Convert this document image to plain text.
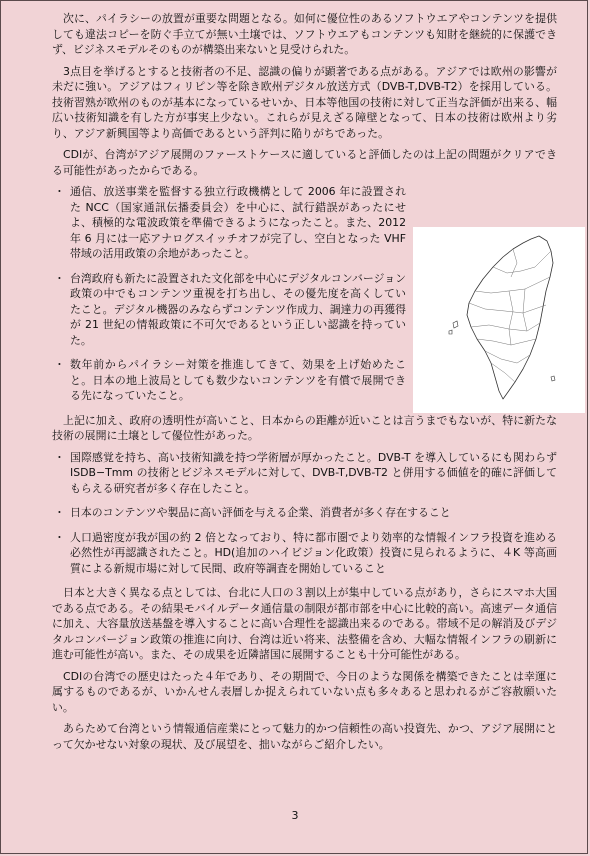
次に、パイラシーの放置が重要な問題となる。如何に優位性のあるソフトウエアやコンテンツを提供しても違法コピーを防ぐ手立てが無い土壌では、ソフトウエアもコンテンツも知財を継続的に保護できず、ビジネスモデルそのものが構築出来ないと見受けられた。

3点目を挙げるとすると技術者の不足、認識の偏りが顕著である点がある。アジアでは欧州の影響が未だに強い。アジアはフィリピン等を除き欧州デジタル放送方式（DVB-T,DVB-T2）を採用している。技術習熟が欧州のものが基本になっているせいか、日本等他国の技術に対して正当な評価が出来る、幅広い技術知識を有した方が事実上少ない。これらが見えざる障壁となって、日本の技術は欧州より劣り、アジア新興国等より高価であるという評判に陥りがちであった。

CDIが、台湾がアジア展開のファーストケースに適していると評価したのは上記の問題がクリアできる可能性があったからである。

・ 通信、放送事業を監督する独立行政機構として 2006 年に設置された NCC（国家通訊伝播委員会）を中心に、試行錯誤があったにせよ、積極的な電波政策を準備できるようになったこと。また、2012 年 6 月には一応アナログスイッチオフが完了し、空白となった VHF 帯域の活用政策の余地があったこと。
・ 台湾政府も新たに設置された文化部を中心にデジタルコンバージョン政策の中でもコンテンツ重視を打ち出し、その優先度を高くしていたこと。デジタル機器のみならずコンテンツ作成力、調達力の再獲得が 21 世紀の情報政策に不可欠であるという正しい認識を持っていた。
・ 数年前からパイラシー対策を推進してきて、効果を上げ始めたこと。日本の地上波局としても数少ないコンテンツを有償で展開できる先になっていたこと。

上記に加え、政府の透明性が高いこと、日本からの距離が近いことは言うまでもないが、特に新たな技術の展開に土壌として優位性があった。

・ 国際感覚を持ち、高い技術知識を持つ学術層が厚かったこと。DVB-T を導入しているにも関わらず ISDB−Tmm の技術とビジネスモデルに対して、DVB-T,DVB-T2 と併用する価値を的確に評価してもらえる研究者が多く存在したこと。
・ 日本のコンテンツや製品に高い評価を与える企業、消費者が多く存在すること
・ 人口過密度が我が国の約 2 倍となっており、特に都市圏でより効率的な情報インフラ投資を進める必然性が再認識されたこと。HD(追加のハイビジョン化政策）投資に見られるように、４K 等高画質による新規市場に対して民間、政府等調査を開始していること

日本と大きく異なる点としては、台北に人口の３割以上が集中している点があり，さらにスマホ大国である点である。その結果モバイルデータ通信量の制限が都市部を中心に比較的高い。高速データ通信に加え、大容量放送基盤を導入することに高い合理性を認識出来るのである。帯域不足の解消及びデジタルコンバージョン政策の推進に向け、台湾は近い将来、法整備を含め、大幅な情報インフラの刷新に進む可能性が高い。また、その成果を近隣諸国に展開することも十分可能性がある。

CDIの台湾での歴史はたった４年であり、その期間で、今日のような関係を構築できたことは幸運に属するものであるが、いかんせん表層しか捉えられていない点も多々あると思われるがご容赦願いたい。

あらためて台湾という情報通信産業にとって魅力的かつ信頼性の高い投資先、かつ、アジア展開にとって欠かせない対象の現状、及び展望を、拙いながらご紹介したい。

3
